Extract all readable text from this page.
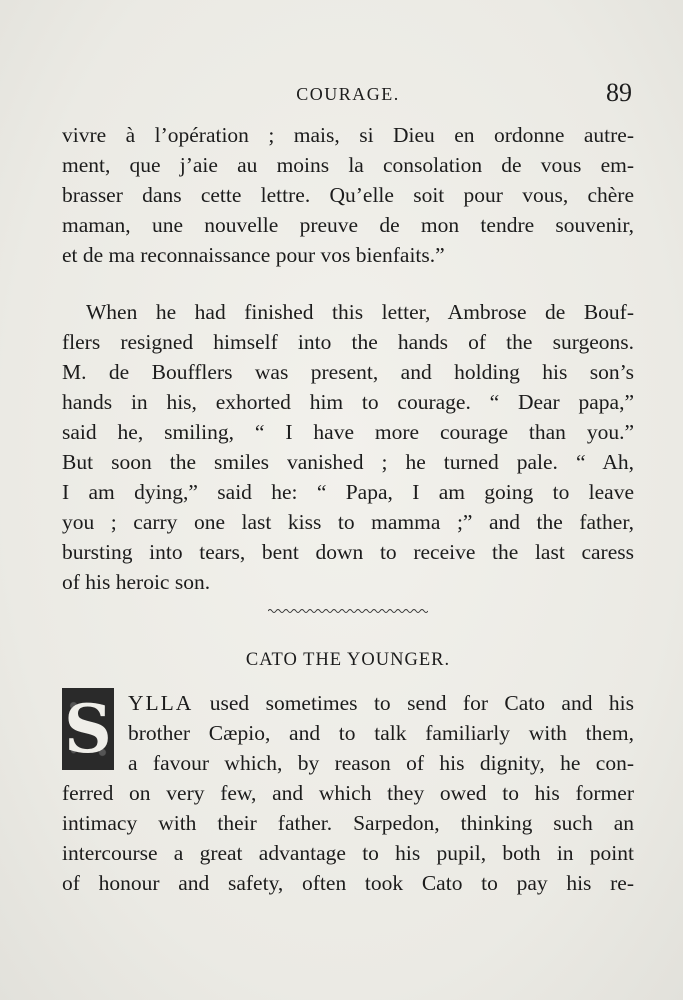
COURAGE.	89
vivre à l’opération ; mais, si Dieu en ordonne autre-
ment, que j’aie au moins la consolation de vous em-
brasser dans cette lettre. Qu’elle soit pour vous, chère
maman, une nouvelle preuve de mon tendre souvenir,
et de ma reconnaissance pour vos bienfaits.”
When he had finished this letter, Ambrose de Bouf-
flers resigned himself into the hands of the surgeons.
M. de Boufflers was present, and holding his son’s
hands in his, exhorted him to courage. “ Dear papa,”
said he, smiling, “ I have more courage than you.”
But soon the smiles vanished ; he turned pale. “ Ah,
I am dying,” said he: “ Papa, I am going to leave
you ; carry one last kiss to mamma ;” and the father,
bursting into tears, bent down to receive the last caress
of his heroic son.
CATO THE YOUNGER.
S YLLA used sometimes to send for Cato and his
brother Cæpio, and to talk familiarly with them,
a favour which, by reason of his dignity, he con-
ferred on very few, and which they owed to his former
intimacy with their father. Sarpedon, thinking such an
intercourse a great advantage to his pupil, both in point
of honour and safety, often took Cato to pay his re-
